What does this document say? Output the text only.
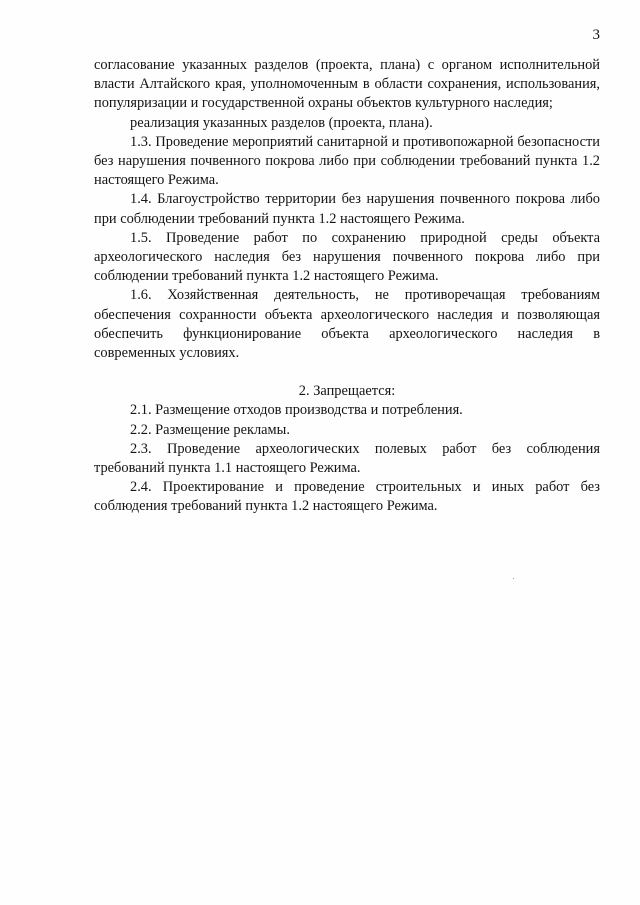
3

согласование указанных разделов (проекта, плана) с органом исполнительной власти Алтайского края, уполномоченным в области сохранения, использования, популяризации и государственной охраны объектов культурного наследия;

реализация указанных разделов (проекта, плана).

1.3. Проведение мероприятий санитарной и противопожарной безопасности без нарушения почвенного покрова либо при соблюдении требований пункта 1.2 настоящего Режима.

1.4. Благоустройство территории без нарушения почвенного покрова либо при соблюдении требований пункта 1.2 настоящего Режима.

1.5. Проведение работ по сохранению природной среды объекта археологического наследия без нарушения почвенного покрова либо при соблюдении требований пункта 1.2 настоящего Режима.

1.6. Хозяйственная деятельность, не противоречащая требованиям обеспечения сохранности объекта археологического наследия и позволяющая обеспечить функционирование объекта археологического наследия в современных условиях.

2. Запрещается:

2.1. Размещение отходов производства и потребления.

2.2. Размещение рекламы.

2.3. Проведение археологических полевых работ без соблюдения требований пункта 1.1 настоящего Режима.

2.4. Проектирование и проведение строительных и иных работ без соблюдения требований пункта 1.2 настоящего Режима.
